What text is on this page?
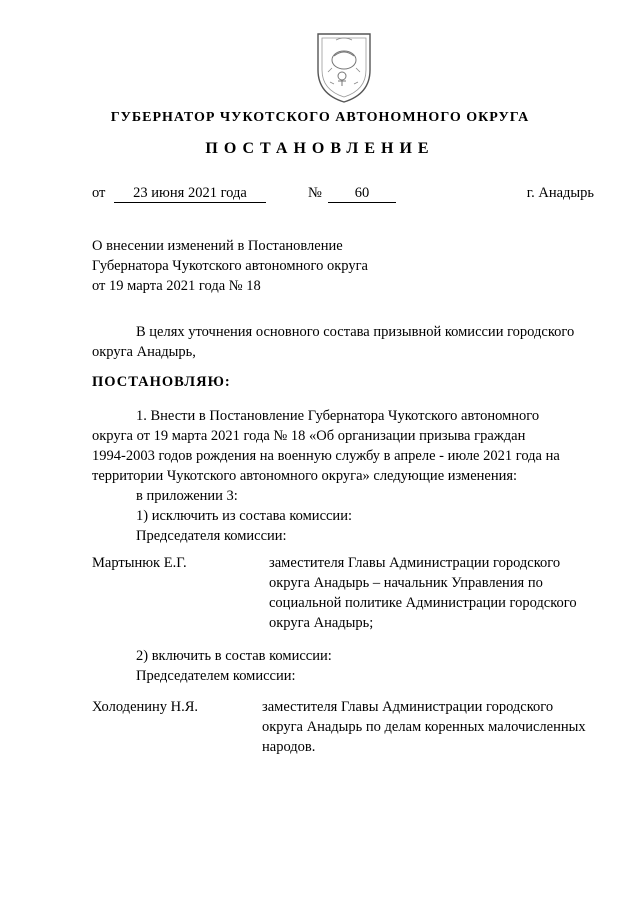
ГУБЕРНАТОР ЧУКОТСКОГО АВТОНОМНОГО ОКРУГА
ПОСТАНОВЛЕНИЕ
от	23 июня 2021 года	№	60	г. Анадырь
О внесении изменений в Постановление
Губернатора Чукотского автономного округа
от 19 марта 2021 года № 18
В целях уточнения основного состава призывной комиссии городского
округа Анадырь,
ПОСТАНОВЛЯЮ:
1. Внести в Постановление Губернатора Чукотского автономного
округа от 19 марта 2021 года № 18 «Об организации призыва граждан
1994-2003 годов рождения на военную службу в апреле - июле 2021 года на
территории Чукотского автономного округа» следующие изменения:
в приложении 3:
1) исключить из состава комиссии:
Председателя комиссии:
Мартынюк Е.Г.	заместителя Главы Администрации городского
округа Анадырь – начальник Управления по
социальной политике Администрации городского
округа Анадырь;
2) включить в состав комиссии:
Председателем комиссии:
Холоденину Н.Я.	заместителя Главы Администрации городского
округа Анадырь по делам коренных малочисленных
народов.
